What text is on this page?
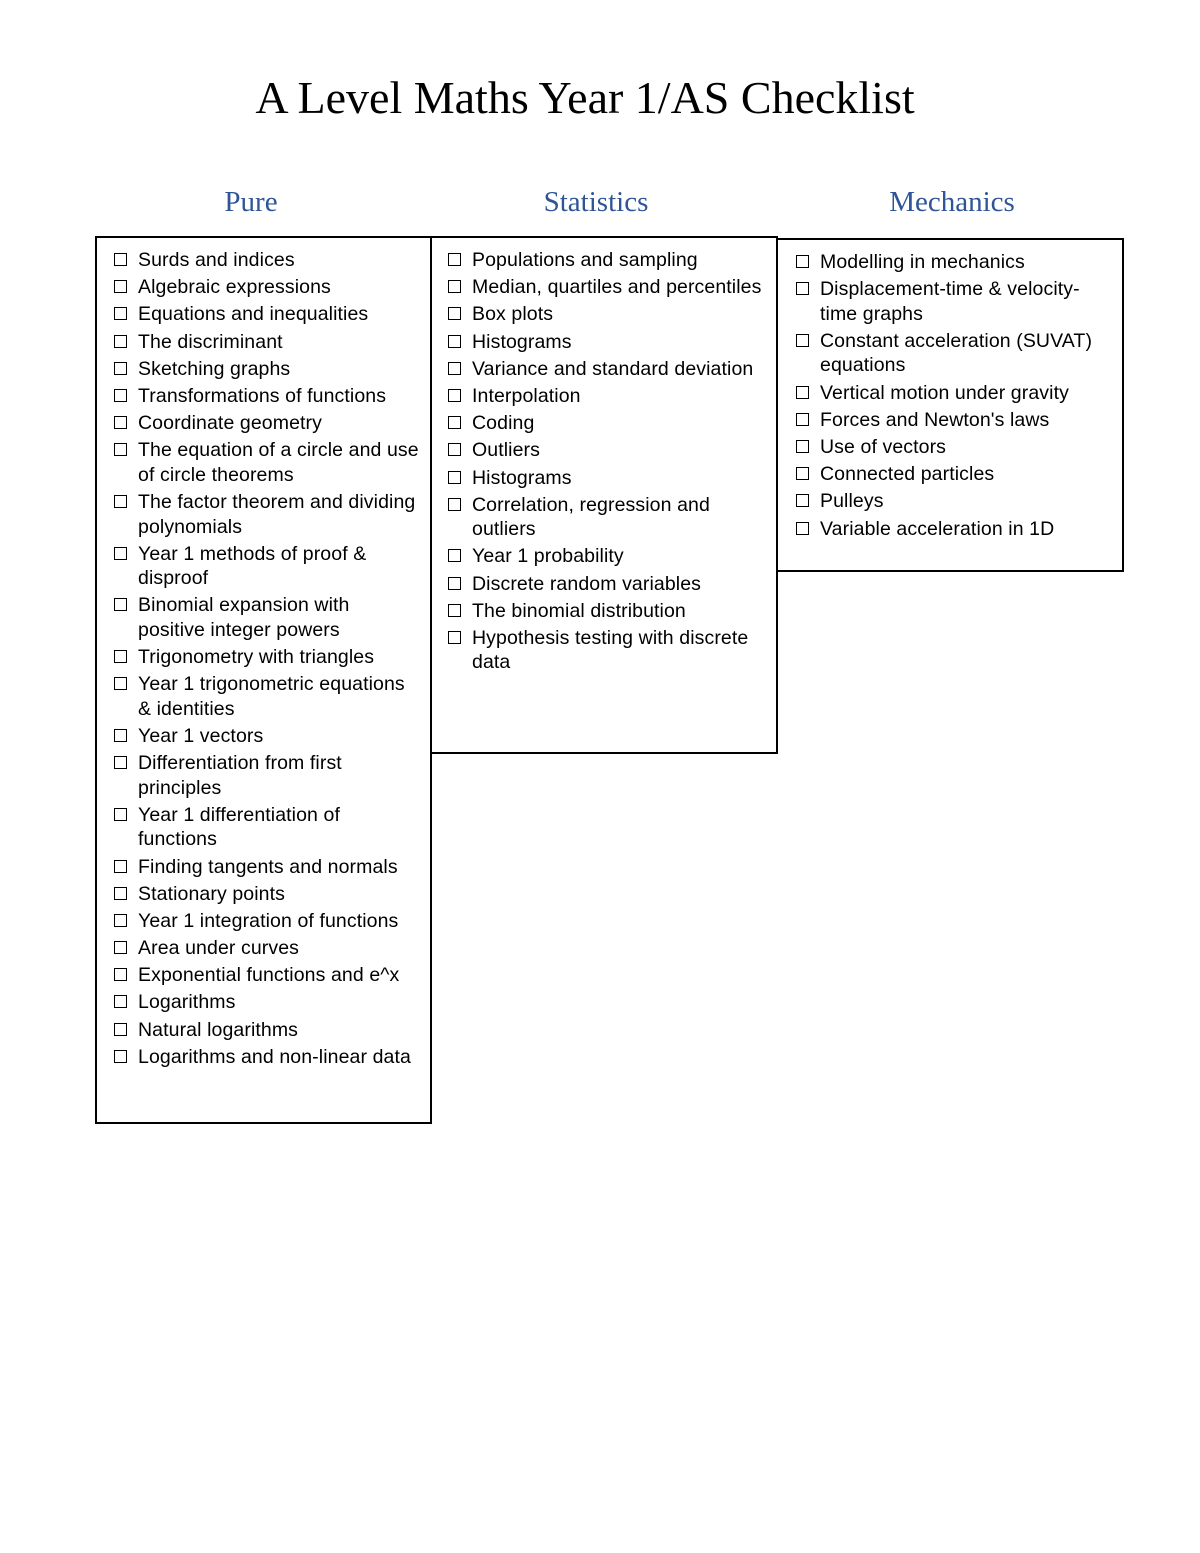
A Level Maths Year 1/AS Checklist
Pure	Statistics	Mechanics
Surds and indices
Algebraic expressions
Equations and inequalities
The discriminant
Sketching graphs
Transformations of functions
Coordinate geometry
The equation of a circle and use of circle theorems
The factor theorem and dividing polynomials
Year 1 methods of proof & disproof
Binomial expansion with positive integer powers
Trigonometry with triangles
Year 1 trigonometric equations & identities
Year 1 vectors
Differentiation from first principles
Year 1 differentiation of functions
Finding tangents and normals
Stationary points
Year 1 integration of functions
Area under curves
Exponential functions and e^x
Logarithms
Natural logarithms
Logarithms and non-linear data
Populations and sampling
Median, quartiles and percentiles
Box plots
Histograms
Variance and standard deviation
Interpolation
Coding
Outliers
Histograms
Correlation, regression and outliers
Year 1 probability
Discrete random variables
The binomial distribution
Hypothesis testing with discrete data
Modelling in mechanics
Displacement-time & velocity-time graphs
Constant acceleration (SUVAT) equations
Vertical motion under gravity
Forces and Newton's laws
Use of vectors
Connected particles
Pulleys
Variable acceleration in 1D
